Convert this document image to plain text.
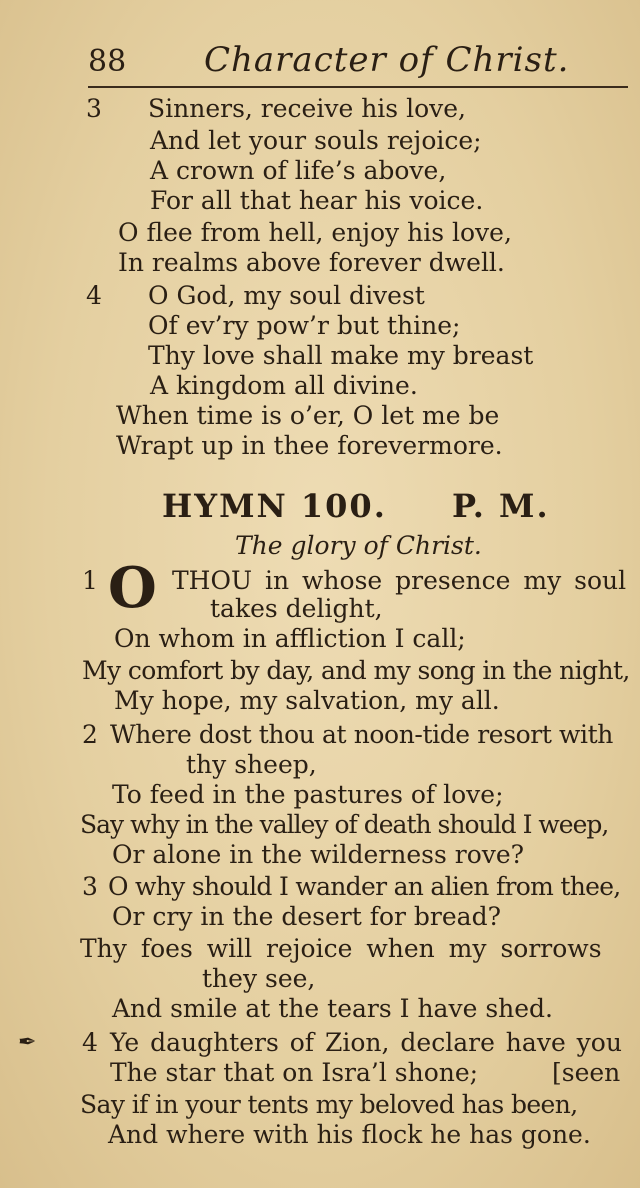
88 Character of Christ.
3 Sinners, receive his love,
And let your souls rejoice;
A crown of life’s above,
For all that hear his voice.
O flee from hell, enjoy his love,
In realms above forever dwell.
4 O God, my soul divest
Of ev’ry pow’r but thine;
Thy love shall make my breast
A kingdom all divine.
When time is o’er, O let me be
Wrapt up in thee forevermore.
HYMN 100. P. M.
The glory of Christ.
1 O THOU in whose presence my soul
takes delight,
On whom in affliction I call;
My comfort by day, and my song in the night,
My hope, my salvation, my all.
2 Where dost thou at noon-tide resort with
thy sheep,
To feed in the pastures of love;
Say why in the valley of death should I weep,
Or alone in the wilderness rove?
3 O why should I wander an alien from thee,
Or cry in the desert for bread?
Thy foes will rejoice when my sorrows
they see,
And smile at the tears I have shed.
✒ 4 Ye daughters of Zion, declare have you
The star that on Isra’l shone;	[seen
Say if in your tents my beloved has been,
And where with his flock he has gone.
